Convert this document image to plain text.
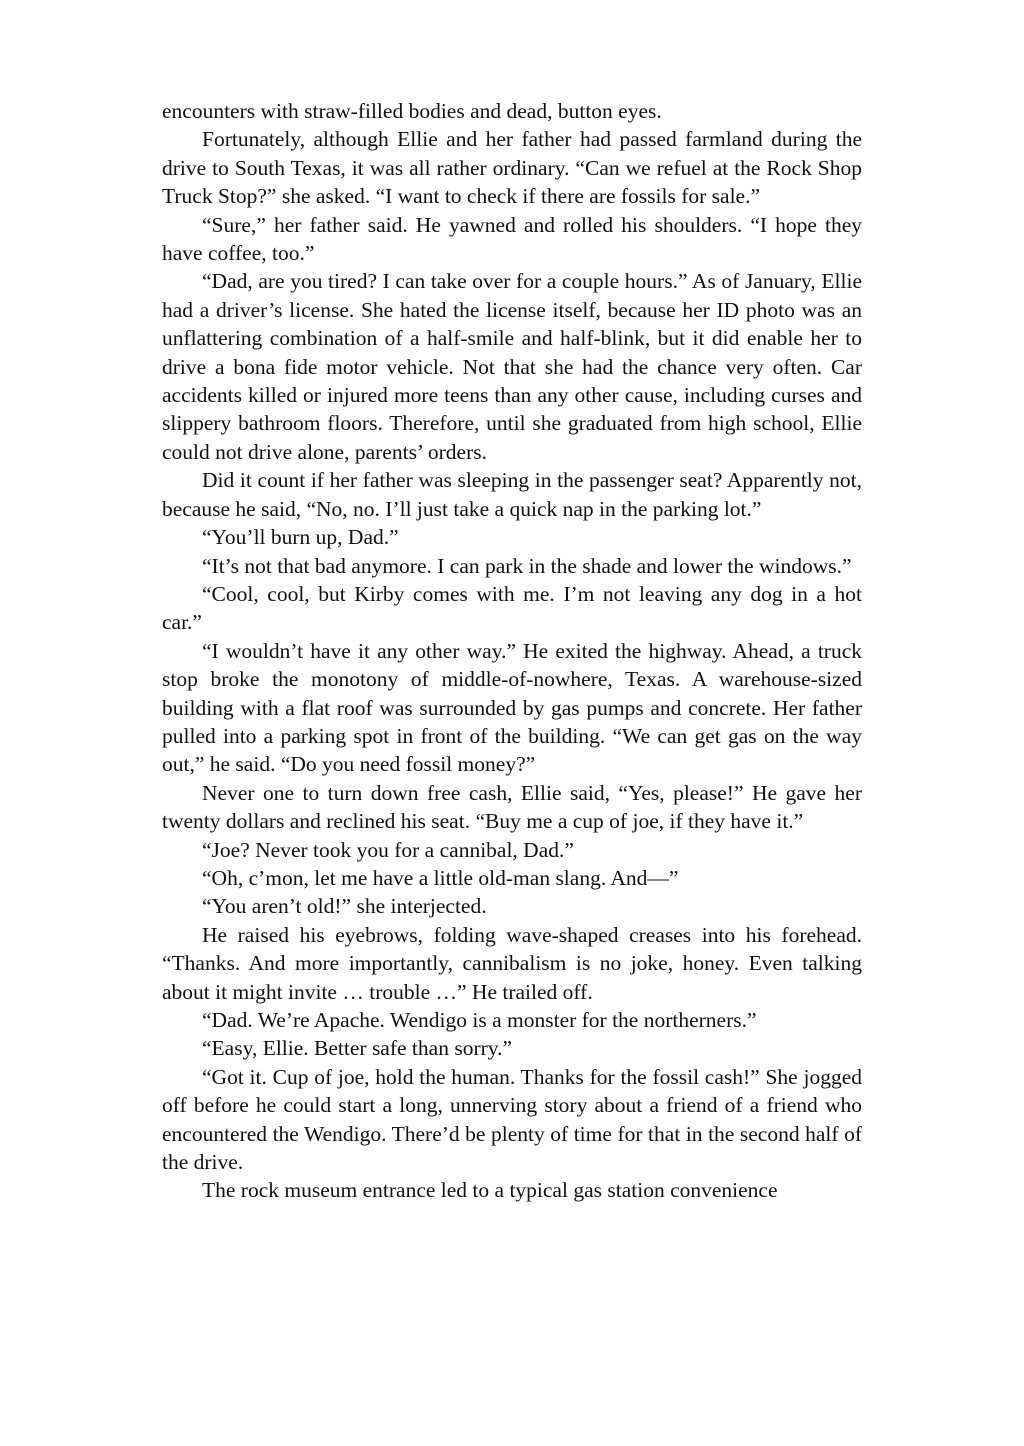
encounters with straw-filled bodies and dead, button eyes.

Fortunately, although Ellie and her father had passed farmland during the drive to South Texas, it was all rather ordinary. “Can we refuel at the Rock Shop Truck Stop?” she asked. “I want to check if there are fossils for sale.”

“Sure,” her father said. He yawned and rolled his shoulders. “I hope they have coffee, too.”

“Dad, are you tired? I can take over for a couple hours.” As of January, Ellie had a driver’s license. She hated the license itself, because her ID photo was an unflattering combination of a half-smile and half-blink, but it did enable her to drive a bona fide motor vehicle. Not that she had the chance very often. Car accidents killed or injured more teens than any other cause, including curses and slippery bathroom floors. Therefore, until she graduated from high school, Ellie could not drive alone, parents’ orders.

Did it count if her father was sleeping in the passenger seat? Apparently not, because he said, “No, no. I’ll just take a quick nap in the parking lot.”

“You’ll burn up, Dad.”

“It’s not that bad anymore. I can park in the shade and lower the windows.”

“Cool, cool, but Kirby comes with me. I’m not leaving any dog in a hot car.”

“I wouldn’t have it any other way.” He exited the highway. Ahead, a truck stop broke the monotony of middle-of-nowhere, Texas. A warehouse-sized building with a flat roof was surrounded by gas pumps and concrete. Her father pulled into a parking spot in front of the building. “We can get gas on the way out,” he said. “Do you need fossil money?”

Never one to turn down free cash, Ellie said, “Yes, please!” He gave her twenty dollars and reclined his seat. “Buy me a cup of joe, if they have it.”

“Joe? Never took you for a cannibal, Dad.”

“Oh, c’mon, let me have a little old-man slang. And—”

“You aren’t old!” she interjected.

He raised his eyebrows, folding wave-shaped creases into his forehead. “Thanks. And more importantly, cannibalism is no joke, honey. Even talking about it might invite … trouble …” He trailed off.

“Dad. We’re Apache. Wendigo is a monster for the northerners.”

“Easy, Ellie. Better safe than sorry.”

“Got it. Cup of joe, hold the human. Thanks for the fossil cash!” She jogged off before he could start a long, unnerving story about a friend of a friend who encountered the Wendigo. There’d be plenty of time for that in the second half of the drive.

The rock museum entrance led to a typical gas station convenience
